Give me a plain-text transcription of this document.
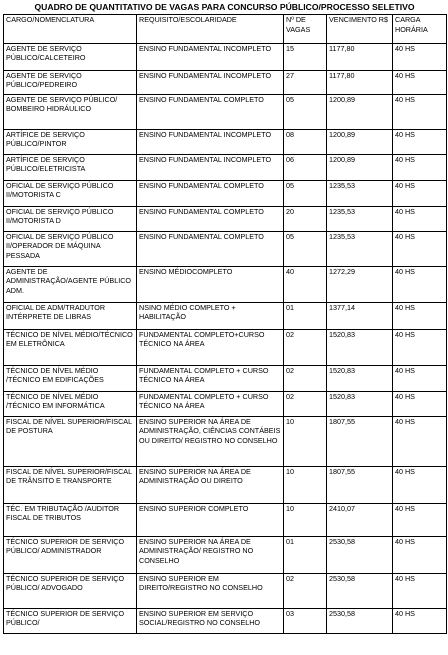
QUADRO DE QUANTITATIVO DE VAGAS PARA CONCURSO PÚBLICO/PROCESSO SELETIVO
CARGO/NOMENCLATURA	REQUISITO/ESCOLARIDADE	Nº DE VAGAS	VENCIMENTO R$	CARGA HORÁRIA
AGENTE DE SERVIÇO PÚBLICO/CALCETEIRO	ENSINO FUNDAMENTAL INCOMPLETO	15	1177,80	40 HS
AGENTE DE SERVIÇO PÚBLICO/PEDREIRO	ENSINO FUNDAMENTAL INCOMPLETO	27	1177,80	40 HS
AGENTE DE SERVIÇO PÚBLICO/ BOMBEIRO HIDRÁULICO	ENSINO FUNDAMENTAL COMPLETO	05	1200,89	40 HS
ARTÍFICE DE SERVIÇO PÚBLICO/PINTOR	ENSINO FUNDAMENTAL INCOMPLETO	08	1200,89	40 HS
ARTÍFICE DE SERVIÇO PÚBLICO/ELETRICISTA	ENSINO FUNDAMENTAL INCOMPLETO	06	1200,89	40 HS
OFICIAL DE SERVIÇO PÚBLICO II/MOTORISTA C	ENSINO FUNDAMENTAL COMPLETO	05	1235,53	40 HS
OFICIAL DE SERVIÇO PÚBLICO II/MOTORISTA D	ENSINO FUNDAMENTAL COMPLETO	20	1235,53	40 HS
OFICIAL DE SERVIÇO PÚBLICO II/OPERADOR DE MÁQUINA PESSADA	ENSINO FUNDAMENTAL COMPLETO	05	1235,53	40 HS
AGENTE DE ADMINISTRAÇÃO/AGENTE PÚBLICO ADM.	ENSINO MÉDIOCOMPLETO	40	1272,29	40 HS
OFICIAL DE ADM/TRADUTOR INTÉRPRETE DE LIBRAS	NSINO MÉDIO COMPLETO + HABILITAÇÃO	01	1377,14	40 HS
TÉCNICO DE NÍVEL MÉDIO/TÉCNICO EM ELETRÔNICA	FUNDAMENTAL COMPLETO+CURSO TÉCNICO NA ÁREA	02	1520,83	40 HS
TÉCNICO DE NÍVEL MÉDIO /TÉCNICO EM EDIFICAÇÕES	FUNDAMENTAL COMPLETO + CURSO TÉCNICO NA ÁREA	02	1520,83	40 HS
TÉCNICO DE NÍVEL MÉDIO /TÉCNICO EM INFORMÁTICA	FUNDAMENTAL COMPLETO + CURSO TÉCNICO NA ÁREA	02	1520,83	40 HS
FISCAL DE NÍVEL SUPERIOR/FISCAL DE POSTURA	ENSINO SUPERIOR NA ÁREA DE ADMINISTRAÇÃO, CIÊNCIAS CONTÁBEIS OU DIREITO/ REGISTRO NO CONSELHO	10	1807,55	40 HS
FISCAL DE NÍVEL SUPERIOR/FISCAL DE TRÂNSITO E TRANSPORTE	ENSINO SUPERIOR NA ÁREA DE ADMINISTRAÇÃO OU DIREITO	10	1807,55	40 HS
TÉC. EM TRIBUTAÇÃO /AUDITOR FISCAL DE TRIBUTOS	ENSINO SUPERIOR COMPLETO	10	2410,07	40 HS
TÉCNICO SUPERIOR DE SERVIÇO PÚBLICO/ ADMINISTRADOR	ENSINO SUPERIOR NA ÁREA DE ADMINISTRAÇÃO/ REGISTRO NO CONSELHO	01	2530,58	40 HS
TÉCNICO SUPERIOR DE SERVIÇO PÚBLICO/ ADVOGADO	ENSINO SUPERIOR EM DIREITO/REGISTRO NO CONSELHO	02	2530,58	40 HS
TÉCNICO SUPERIOR DE SERVIÇO PÚBLICO/	ENSINO SUPERIOR EM SERVIÇO SOCIAL/REGISTRO NO CONSELHO	03	2530,58	40 HS
